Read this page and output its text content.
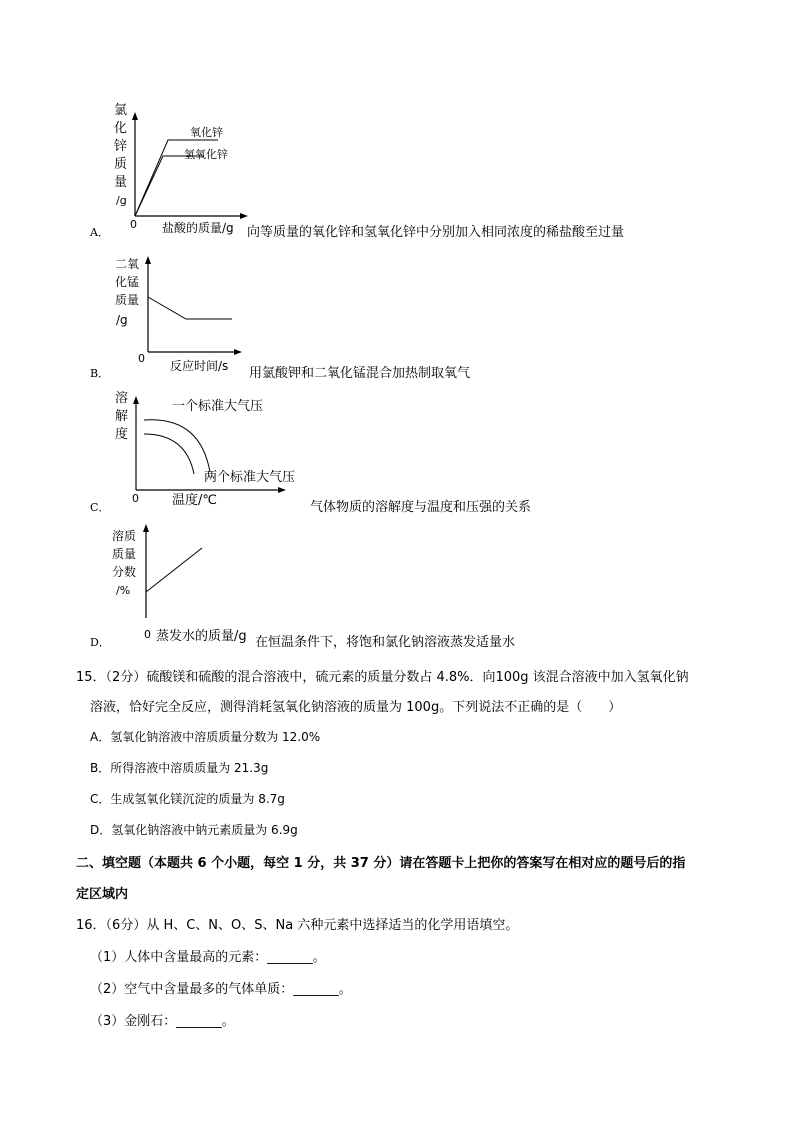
氯
化
锌
质
量
/g
氧化锌
氢氧化锌
0 盐酸的质量/g
A．	向等质量的氧化锌和氢氧化锌中分别加入相同浓度的稀盐酸至过量
二氧
化锰
质量
/g
0
反应时间/s
B．	用氯酸钾和二氧化锰混合加热制取氧气
溶
解
度
一个标准大气压
两个标准大气压
0	温度/℃
C．	气体物质的溶解度与温度和压强的关系
溶质
质量
分数
/%
0 蒸发水的质量/g
D．	在恒温条件下，将饱和氯化钠溶液蒸发适量水
15．（2分）硫酸镁和硫酸的混合溶液中，硫元素的质量分数占 4.8%．向100g 该混合溶液中加入氢氧化钠
溶液，恰好完全反应，测得消耗氢氧化钠溶液的质量为 100g。下列说法不正确的是（　　）
A．氢氧化钠溶液中溶质质量分数为 12.0%
B．所得溶液中溶质质量为 21.3g
C．生成氢氧化镁沉淀的质量为 8.7g
D．氢氧化钠溶液中钠元素质量为 6.9g
二、填空题（本题共 6 个小题，每空 1 分，共 37 分）请在答题卡上把你的答案写在相对应的题号后的指
定区域内
16．（6分）从 H、C、N、O、S、Na 六种元素中选择适当的化学用语填空。
（1）人体中含量最高的元素：_______。
（2）空气中含量最多的气体单质：_______。
（3）金刚石：_______。
